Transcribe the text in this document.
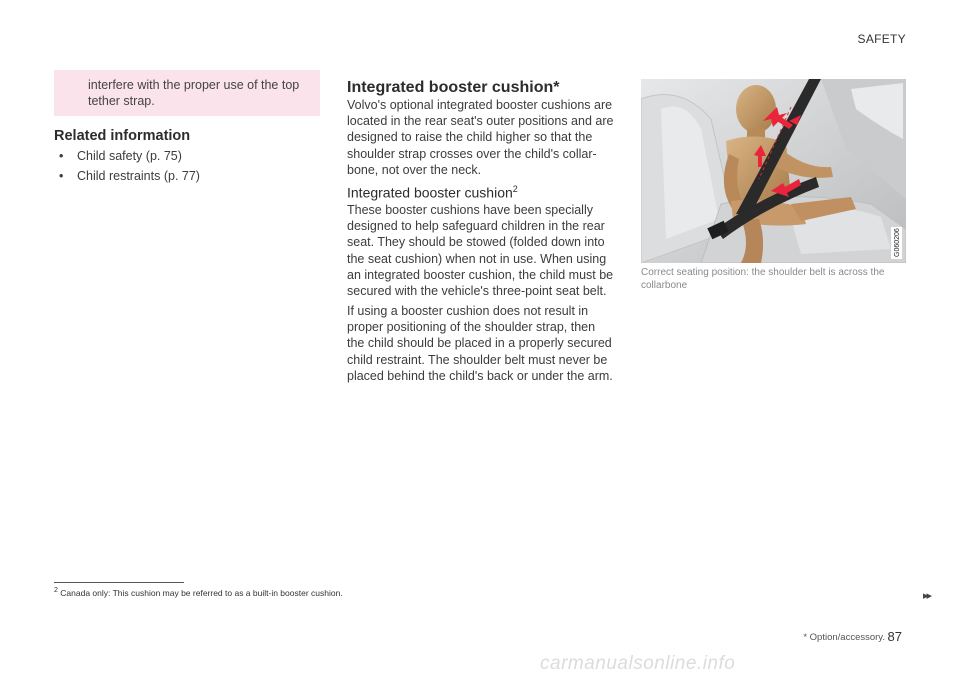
SAFETY
interfere with the proper use of the top tether strap.
Related information
• Child safety (p. 75)
• Child restraints (p. 77)
Integrated booster cushion*
Volvo's optional integrated booster cushions are located in the rear seat's outer positions and are designed to raise the child higher so that the shoulder strap crosses over the child's collar-bone, not over the neck.
Integrated booster cushion$^2$
These booster cushions have been specially designed to help safeguard children in the rear seat. They should be stowed (folded down into the seat cushion) when not in use. When using an integrated booster cushion, the child must be secured with the vehicle's three-point seat belt.
If using a booster cushion does not result in proper positioning of the shoulder strap, then the child should be placed in a properly secured child restraint. The shoulder belt must never be placed behind the child's back or under the arm.
G060206
Correct seating position: the shoulder belt is across the collarbone
$^2$ Canada only: This cushion may be referred to as a built-in booster cushion.	▸▸
* Option/accessory. 87
carmanualsonline.info
